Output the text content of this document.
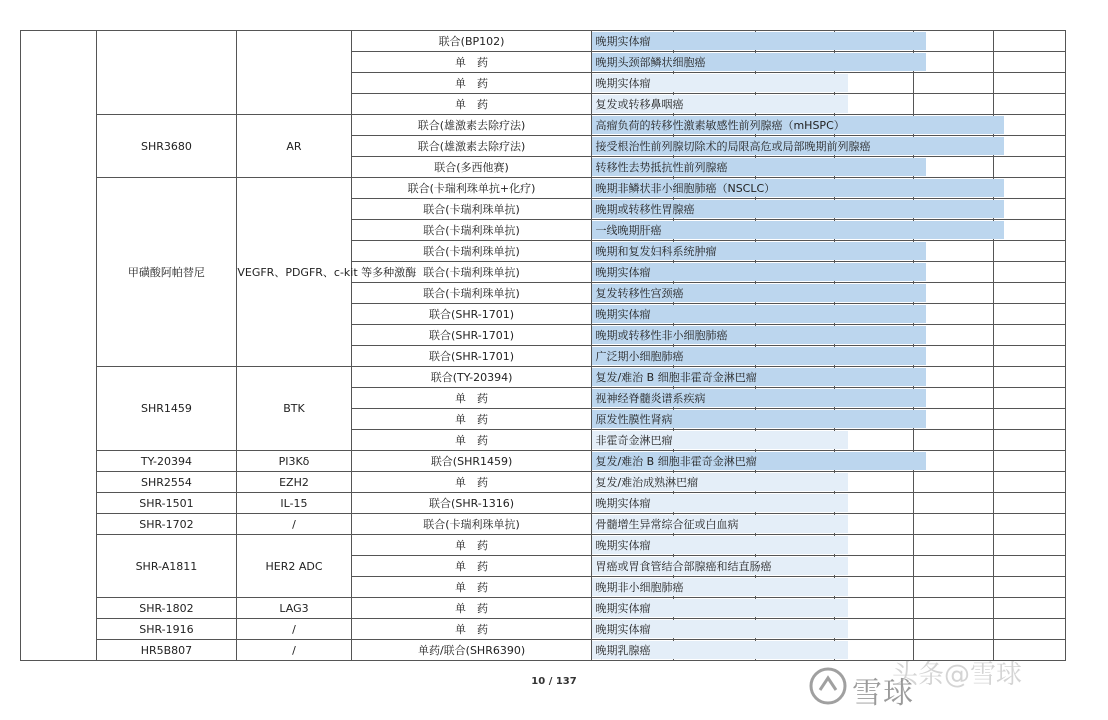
			联合(BP102)	晚期实体瘤					
			单　药	晚期头颈部鳞状细胞癌					
			单　药	晚期实体瘤					
			单　药	复发或转移鼻咽癌					
	SHR3680	AR	联合(雄激素去除疗法)	高瘤负荷的转移性激素敏感性前列腺癌（mHSPC）					
			联合(雄激素去除疗法)	接受根治性前列腺切除术的局限高危或局部晚期前列腺癌					
			联合(多西他赛)	转移性去势抵抗性前列腺癌					
	甲磺酸阿帕替尼	VEGFR、PDGFR、c-kit 等多种激酶	联合(卡瑞利珠单抗+化疗)	晚期非鳞状非小细胞肺癌（NSCLC）					
			联合(卡瑞利珠单抗)	晚期或转移性胃腺癌					
			联合(卡瑞利珠单抗)	一线晚期肝癌					
			联合(卡瑞利珠单抗)	晚期和复发妇科系统肿瘤					
			联合(卡瑞利珠单抗)	晚期实体瘤					
			联合(卡瑞利珠单抗)	复发转移性宫颈癌					
			联合(SHR-1701)	晚期实体瘤					
			联合(SHR-1701)	晚期或转移性非小细胞肺癌					
			联合(SHR-1701)	广泛期小细胞肺癌					
	SHR1459	BTK	联合(TY-20394)	复发/难治 B 细胞非霍奇金淋巴瘤					
			单　药	视神经脊髓炎谱系疾病					
			单　药	原发性膜性肾病					
			单　药	非霍奇金淋巴瘤					
	TY-20394	PI3Kδ	联合(SHR1459)	复发/难治 B 细胞非霍奇金淋巴瘤					
	SHR2554	EZH2	单　药	复发/难治成熟淋巴瘤					
	SHR-1501	IL-15	联合(SHR-1316)	晚期实体瘤					
	SHR-1702	/	联合(卡瑞利珠单抗)	骨髓增生异常综合征或白血病					
	SHR-A1811	HER2 ADC	单　药	晚期实体瘤					
			单　药	胃癌或胃食管结合部腺癌和结直肠癌					
			单　药	晚期非小细胞肺癌					
	SHR-1802	LAG3	单　药	晚期实体瘤					
	SHR-1916	/	单　药	晚期实体瘤					
	HR5B807	/	单药/联合(SHR6390)	晚期乳腺癌					
10 / 137	头条@雪球
雪球
